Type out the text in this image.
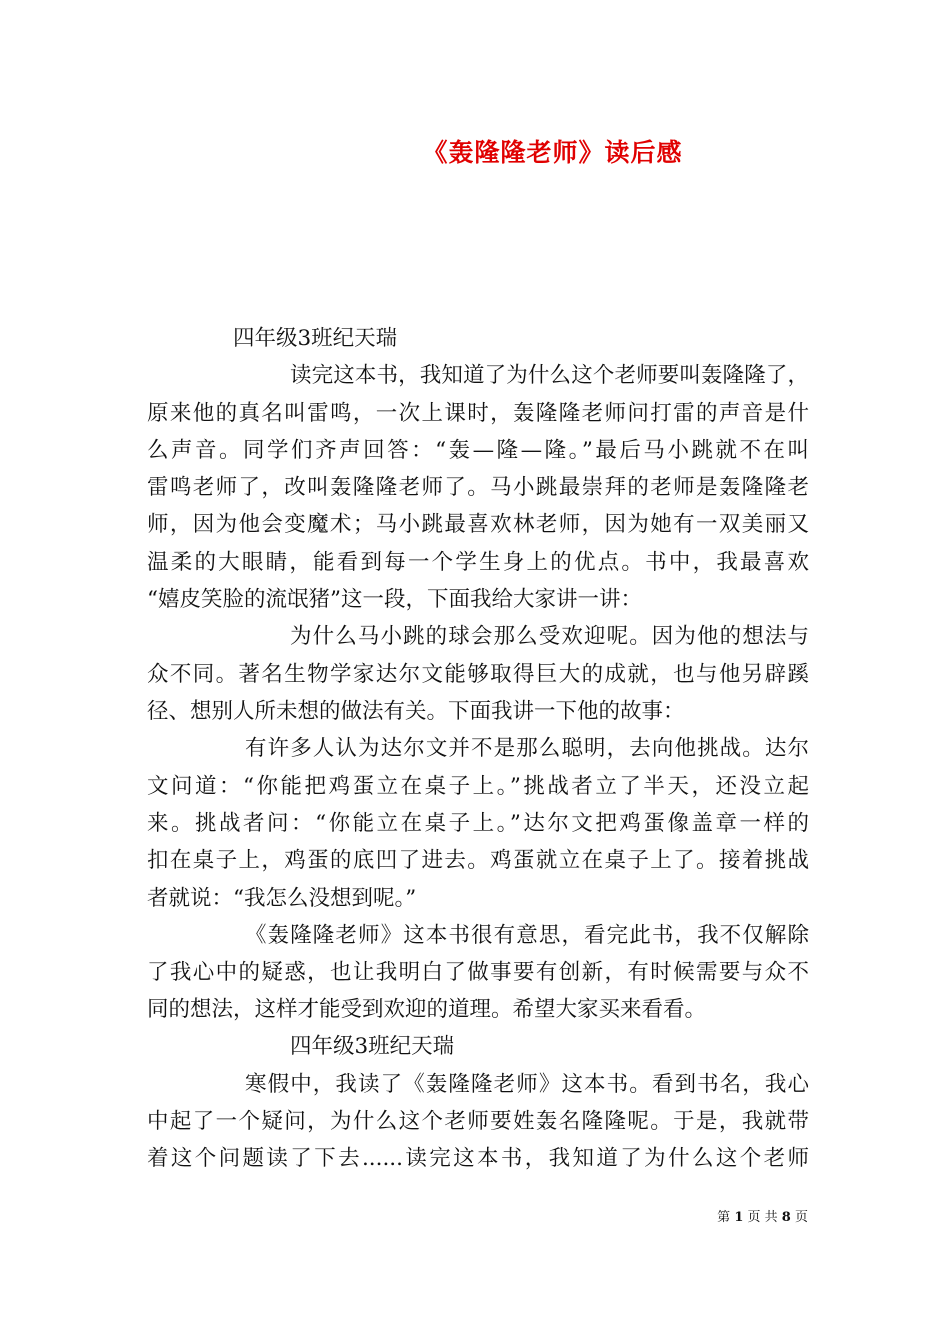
《轰隆隆老师》读后感
四年级3班纪天瑞
读完这本书，我知道了为什么这个老师要叫轰隆隆了，
原来他的真名叫雷鸣，一次上课时，轰隆隆老师问打雷的声音是什
么声音。同学们齐声回答：“轰—隆—隆。”最后马小跳就不在叫
雷鸣老师了，改叫轰隆隆老师了。马小跳最崇拜的老师是轰隆隆老
师，因为他会变魔术；马小跳最喜欢林老师，因为她有一双美丽又
温柔的大眼睛，能看到每一个学生身上的优点。书中，我最喜欢
“嬉皮笑脸的流氓猪”这一段，下面我给大家讲一讲：
为什么马小跳的球会那么受欢迎呢。因为他的想法与
众不同。著名生物学家达尔文能够取得巨大的成就，也与他另辟蹊
径、想别人所未想的做法有关。下面我讲一下他的故事：
有许多人认为达尔文并不是那么聪明，去向他挑战。达尔
文问道：“你能把鸡蛋立在桌子上。”挑战者立了半天，还没立起
来。挑战者问：“你能立在桌子上。”达尔文把鸡蛋像盖章一样的
扣在桌子上，鸡蛋的底凹了进去。鸡蛋就立在桌子上了。接着挑战
者就说：“我怎么没想到呢。”
《轰隆隆老师》这本书很有意思，看完此书，我不仅解除
了我心中的疑惑，也让我明白了做事要有创新，有时候需要与众不
同的想法，这样才能受到欢迎的道理。希望大家买来看看。
四年级3班纪天瑞
寒假中，我读了《轰隆隆老师》这本书。看到书名，我心
中起了一个疑问，为什么这个老师要姓轰名隆隆呢。于是，我就带
着这个问题读了下去......读完这本书，我知道了为什么这个老师
第 1 页 共 8 页
